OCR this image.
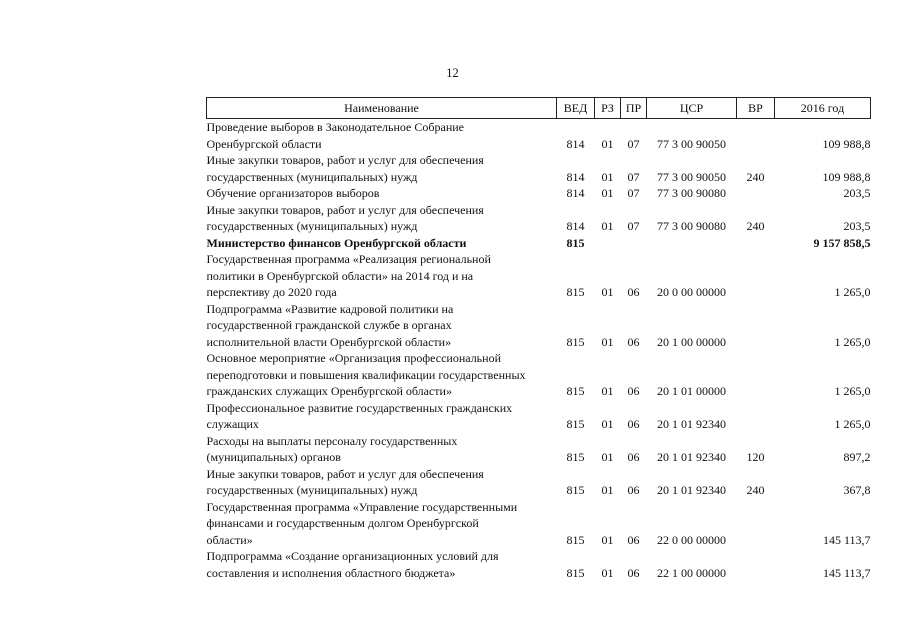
12
Наименование	ВЕД	РЗ	ПР	ЦСР	ВР	2016 год

Проведение выборов в Законодательное Собрание
Оренбургской области	814	01	07	77 3 00 90050		109 988,8

Иные закупки товаров, работ и услуг для обеспечения
государственных (муниципальных) нужд	814	01	07	77 3 00 90050	240	109 988,8

Обучение организаторов выборов	814	01	07	77 3 00 90080		203,5

Иные закупки товаров, работ и услуг для обеспечения
государственных (муниципальных) нужд	814	01	07	77 3 00 90080	240	203,5

Министерство финансов Оренбургской области	815					9 157 858,5

Государственная программа «Реализация региональной
политики в Оренбургской области» на 2014 год и на
перспективу до 2020 года	815	01	06	20 0 00 00000		1 265,0

Подпрограмма «Развитие кадровой политики на
государственной гражданской службе в органах
исполнительной власти Оренбургской области»	815	01	06	20 1 00 00000		1 265,0

Основное мероприятие «Организация профессиональной
переподготовки и повышения квалификации государственных
гражданских служащих Оренбургской области»	815	01	06	20 1 01 00000		1 265,0

Профессиональное развитие государственных гражданских
служащих	815	01	06	20 1 01 92340		1 265,0

Расходы на выплаты персоналу государственных
(муниципальных) органов	815	01	06	20 1 01 92340	120	897,2

Иные закупки товаров, работ и услуг для обеспечения
государственных (муниципальных) нужд	815	01	06	20 1 01 92340	240	367,8

Государственная программа «Управление государственными
финансами и государственным долгом Оренбургской
области»	815	01	06	22 0 00 00000		145 113,7

Подпрограмма «Создание организационных условий для
составления и исполнения областного бюджета»	815	01	06	22 1 00 00000		145 113,7
